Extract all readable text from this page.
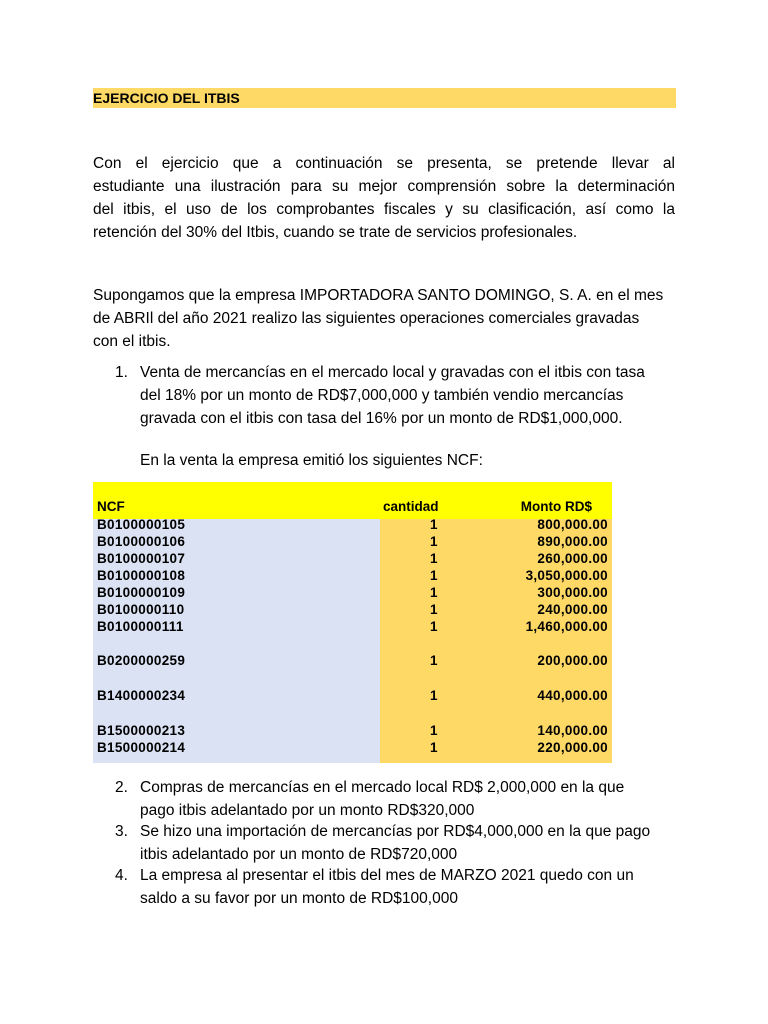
EJERCICIO DEL ITBIS
Con el ejercicio que a continuación se presenta, se pretende llevar al
estudiante una ilustración para su mejor comprensión sobre la determinación
del itbis, el uso de los comprobantes fiscales y su clasificación, así como la
retención del 30% del Itbis, cuando se trate de servicios profesionales.
Supongamos que la empresa IMPORTADORA SANTO DOMINGO, S. A. en el mes
de ABRIl del año 2021 realizo las siguientes operaciones comerciales gravadas
con el itbis.
1. Venta de mercancías en el mercado local y gravadas con el itbis con tasa
del 18% por un monto de RD$7,000,000 y también vendio mercancías
gravada con el itbis con tasa del 16% por un monto de RD$1,000,000.
En la venta la empresa emitió los siguientes NCF:
NCF	cantidad	Monto RD$
B0100000105	1	800,000.00
B0100000106	1	890,000.00
B0100000107	1	260,000.00
B0100000108	1	3,050,000.00
B0100000109	1	300,000.00
B0100000110	1	240,000.00
B0100000111	1	1,460,000.00
B0200000259	1	200,000.00
B1400000234	1	440,000.00
B1500000213	1	140,000.00
B1500000214	1	220,000.00
2. Compras de mercancías en el mercado local RD$ 2,000,000 en la que
pago itbis adelantado por un monto RD$320,000
3. Se hizo una importación de mercancías por RD$4,000,000 en la que pago
itbis adelantado por un monto de RD$720,000
4. La empresa al presentar el itbis del mes de MARZO 2021 quedo con un
saldo a su favor por un monto de RD$100,000
